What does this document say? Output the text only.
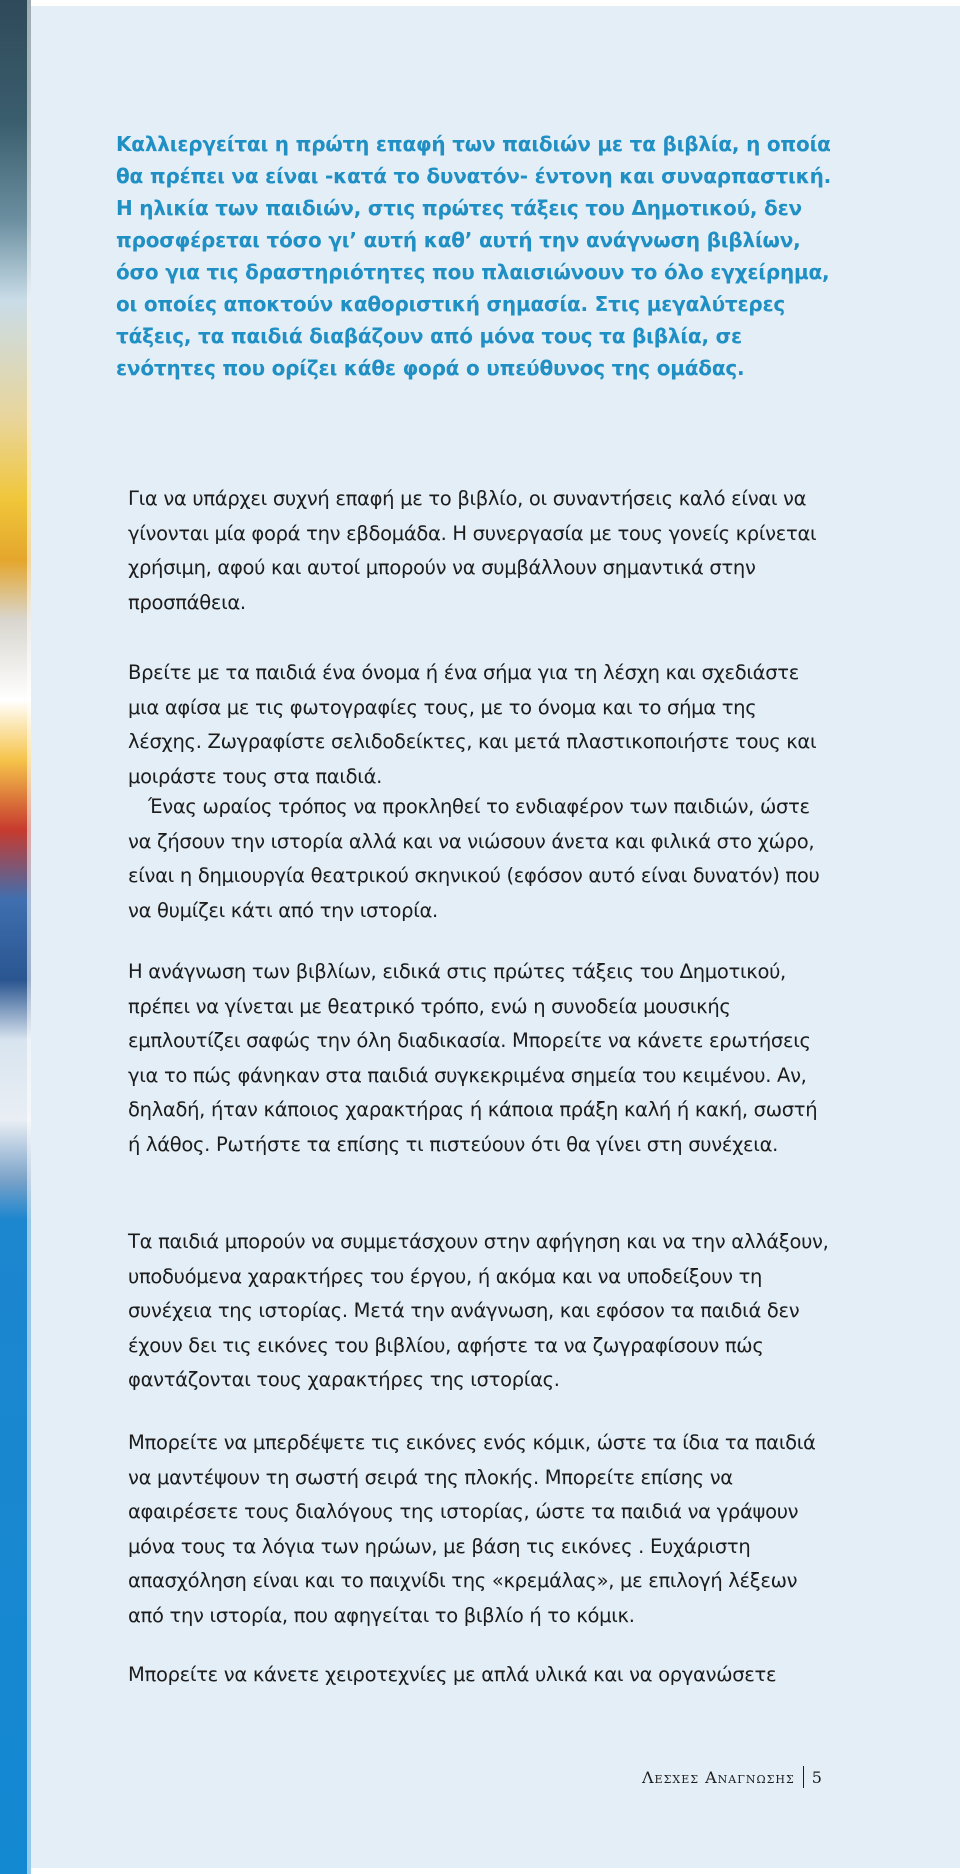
Καλλιεργείται η πρώτη επαφή των παιδιών με τα βιβλία, η οποία θα πρέπει να είναι -κατά το δυνατόν- έντονη και συναρπαστική. Η ηλικία των παιδιών, στις πρώτες τάξεις του Δημοτικού, δεν προσφέρεται τόσο γι’ αυτή καθ’ αυτή την ανάγνωση βιβλίων, όσο για τις δραστηριότητες που πλαισιώνουν το όλο εγχείρημα, οι οποίες αποκτούν καθοριστική σημασία. Στις μεγαλύτερες τάξεις, τα παιδιά διαβάζουν από μόνα τους τα βιβλία, σε ενότητες που ορίζει κάθε φορά ο υπεύθυνος της ομάδας.

Για να υπάρχει συχνή επαφή με το βιβλίο, οι συναντήσεις καλό είναι να γίνονται μία φορά την εβδομάδα. Η συνεργασία με τους γονείς κρίνεται χρήσιμη, αφού και αυτοί μπορούν να συμβάλλουν σημαντικά στην προσπάθεια.

Βρείτε με τα παιδιά ένα όνομα ή ένα σήμα για τη λέσχη και σχεδιάστε μια αφίσα με τις φωτογραφίες τους, με το όνομα και το σήμα της λέσχης. Ζωγραφίστε σελιδοδείκτες, και μετά πλαστικοποιήστε τους και μοιράστε τους στα παιδιά.

Ένας ωραίος τρόπος να προκληθεί το ενδιαφέρον των παιδιών, ώστε να ζήσουν την ιστορία αλλά και να νιώσουν άνετα και φιλικά στο χώρο, είναι η δημιουργία θεατρικού σκηνικού (εφόσον αυτό είναι δυνατόν) που να θυμίζει κάτι από την ιστορία.

Η ανάγνωση των βιβλίων, ειδικά στις πρώτες τάξεις του Δημοτικού, πρέπει να γίνεται με θεατρικό τρόπο, ενώ η συνοδεία μουσικής εμπλουτίζει σαφώς την όλη διαδικασία. Μπορείτε να κάνετε ερωτήσεις για το πώς φάνηκαν στα παιδιά συγκεκριμένα σημεία του κειμένου. Αν, δηλαδή, ήταν κάποιος χαρακτήρας ή κάποια πράξη καλή ή κακή, σωστή ή λάθος. Ρωτήστε τα επίσης τι πιστεύουν ότι θα γίνει στη συνέχεια.

Τα παιδιά μπορούν να συμμετάσχουν στην αφήγηση και να την αλλάξουν, υποδυόμενα χαρακτήρες του έργου, ή ακόμα και να υποδείξουν τη συνέχεια της ιστορίας. Μετά την ανάγνωση, και εφόσον τα παιδιά δεν έχουν δει τις εικόνες του βιβλίου, αφήστε τα να ζωγραφίσουν πώς φαντάζονται τους χαρακτήρες της ιστορίας.

Μπορείτε να μπερδέψετε τις εικόνες ενός κόμικ, ώστε τα ίδια τα παιδιά να μαντέψουν τη σωστή σειρά της πλοκής. Μπορείτε επίσης να αφαιρέσετε τους διαλόγους της ιστορίας, ώστε τα παιδιά να γράψουν μόνα τους τα λόγια των ηρώων, με βάση τις εικόνες . Ευχάριστη απασχόληση είναι και το παιχνίδι της «κρεμάλας», με επιλογή λέξεων από την ιστορία, που αφηγείται το βιβλίο ή το κόμικ.

Μπορείτε να κάνετε χειροτεχνίες με απλά υλικά και να οργανώσετε

Λεσχες Αναγνωσης 5
